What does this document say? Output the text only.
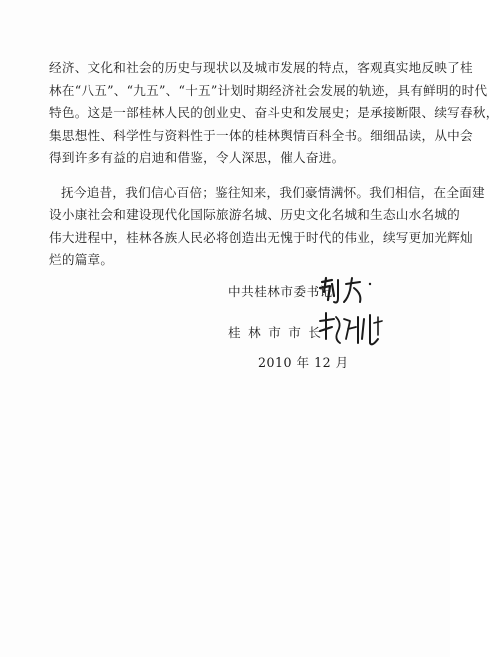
经济、文化和社会的历史与现状以及城市发展的特点，客观真实地反映了桂
林在“八五”、“九五”、“十五”计划时期经济社会发展的轨迹，具有鲜明的时代
特色。这是一部桂林人民的创业史、奋斗史和发展史；是承接断限、续写春秋，
集思想性、科学性与资料性于一体的桂林舆情百科全书。细细品读，从中会
得到许多有益的启迪和借鉴，令人深思，催人奋进。
抚今追昔，我们信心百倍；鉴往知来，我们豪情满怀。我们相信，在全面建
设小康社会和建设现代化国际旅游名城、历史文化名城和生态山水名城的
伟大进程中，桂林各族人民必将创造出无愧于时代的伟业，续写更加光辉灿
烂的篇章。
中共桂林市委书记
桂林市市长
2010 年 12 月
